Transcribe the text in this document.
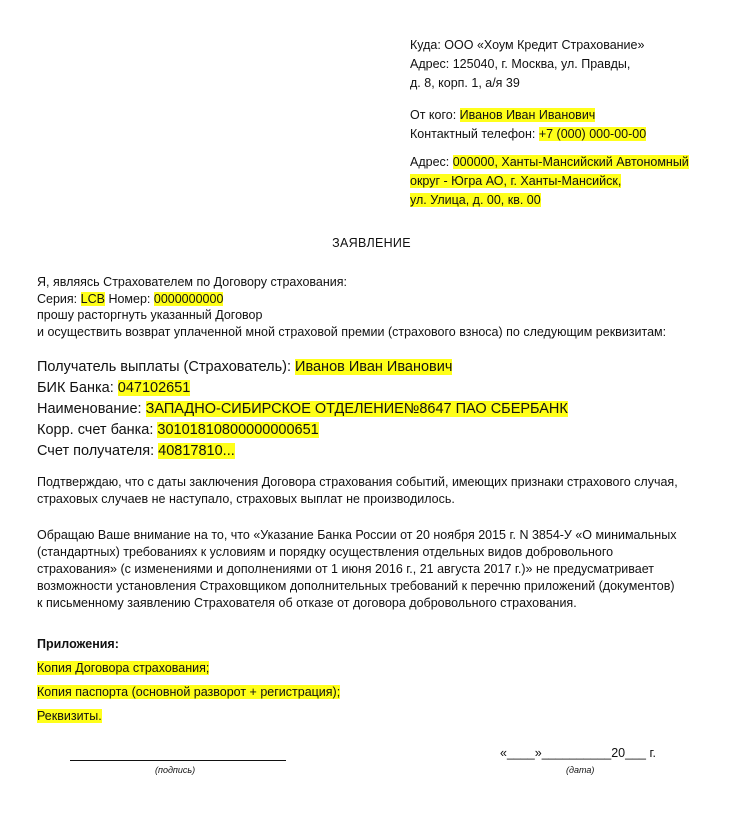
Куда: ООО «Хоум Кредит Страхование»
Адрес: 125040, г. Москва, ул. Правды,
д. 8, корп. 1, а/я 39
От кого: Иванов Иван Иванович
Контактный телефон: +7 (000) 000-00-00
Адрес: 000000, Ханты-Мансийский Автономный
округ - Югра АО, г. Ханты-Мансийск,
ул. Улица, д. 00, кв. 00
ЗАЯВЛЕНИЕ
Я, являясь Страхователем по Договору страхования:
Серия: LCB Номер: 0000000000
прошу расторгнуть указанный Договор
и осуществить возврат уплаченной мной страховой премии (страхового взноса) по следующим реквизитам:
Получатель выплаты (Страхователь): Иванов Иван Иванович
БИК Банка: 047102651
Наименование: ЗАПАДНО-СИБИРСКОЕ ОТДЕЛЕНИЕ№8647 ПАО СБЕРБАНК
Корр. счет банка: 30101810800000000651
Счет получателя: 40817810...
Подтверждаю, что с даты заключения Договора страхования событий, имеющих признаки страхового случая,
страховых случаев не наступало, страховых выплат не производилось.
Обращаю Ваше внимание на то, что «Указание Банка России от 20 ноября 2015 г. N 3854-У «О минимальных
(стандартных) требованиях к условиям и порядку осуществления отдельных видов добровольного
страхования» (с изменениями и дополнениями от 1 июня 2016 г., 21 августа 2017 г.)» не предусматривает
возможности установления Страховщиком дополнительных требований к перечню приложений (документов)
к письменному заявлению Страхователя об отказе от договора добровольного страхования.
Приложения:
Копия Договора страхования;
Копия паспорта (основной разворот + регистрация);
Реквизиты.
(подпись)
«____»__________20___ г.
(дата)
